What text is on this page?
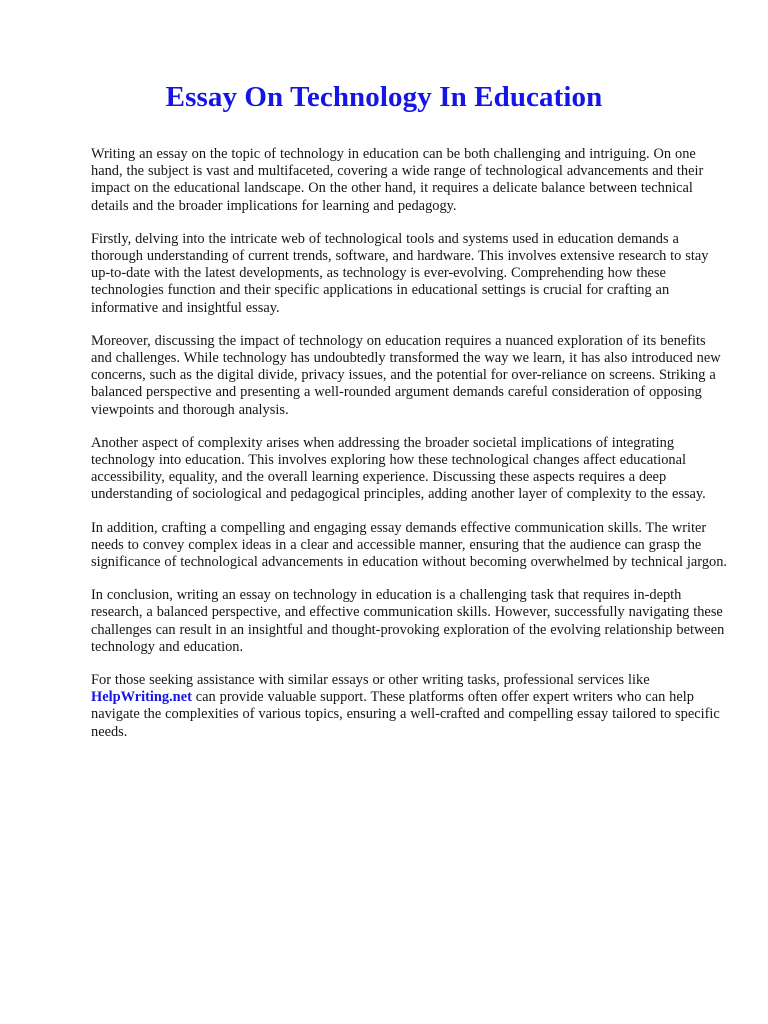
Essay On Technology In Education

Writing an essay on the topic of technology in education can be both challenging and intriguing. On one hand, the subject is vast and multifaceted, covering a wide range of technological advancements and their impact on the educational landscape. On the other hand, it requires a delicate balance between technical details and the broader implications for learning and pedagogy.

Firstly, delving into the intricate web of technological tools and systems used in education demands a thorough understanding of current trends, software, and hardware. This involves extensive research to stay up-to-date with the latest developments, as technology is ever-evolving. Comprehending how these technologies function and their specific applications in educational settings is crucial for crafting an informative and insightful essay.

Moreover, discussing the impact of technology on education requires a nuanced exploration of its benefits and challenges. While technology has undoubtedly transformed the way we learn, it has also introduced new concerns, such as the digital divide, privacy issues, and the potential for over-reliance on screens. Striking a balanced perspective and presenting a well-rounded argument demands careful consideration of opposing viewpoints and thorough analysis.

Another aspect of complexity arises when addressing the broader societal implications of integrating technology into education. This involves exploring how these technological changes affect educational accessibility, equality, and the overall learning experience. Discussing these aspects requires a deep understanding of sociological and pedagogical principles, adding another layer of complexity to the essay.

In addition, crafting a compelling and engaging essay demands effective communication skills. The writer needs to convey complex ideas in a clear and accessible manner, ensuring that the audience can grasp the significance of technological advancements in education without becoming overwhelmed by technical jargon.

In conclusion, writing an essay on technology in education is a challenging task that requires in-depth research, a balanced perspective, and effective communication skills. However, successfully navigating these challenges can result in an insightful and thought-provoking exploration of the evolving relationship between technology and education.

For those seeking assistance with similar essays or other writing tasks, professional services like HelpWriting.net can provide valuable support. These platforms often offer expert writers who can help navigate the complexities of various topics, ensuring a well-crafted and compelling essay tailored to specific needs.
